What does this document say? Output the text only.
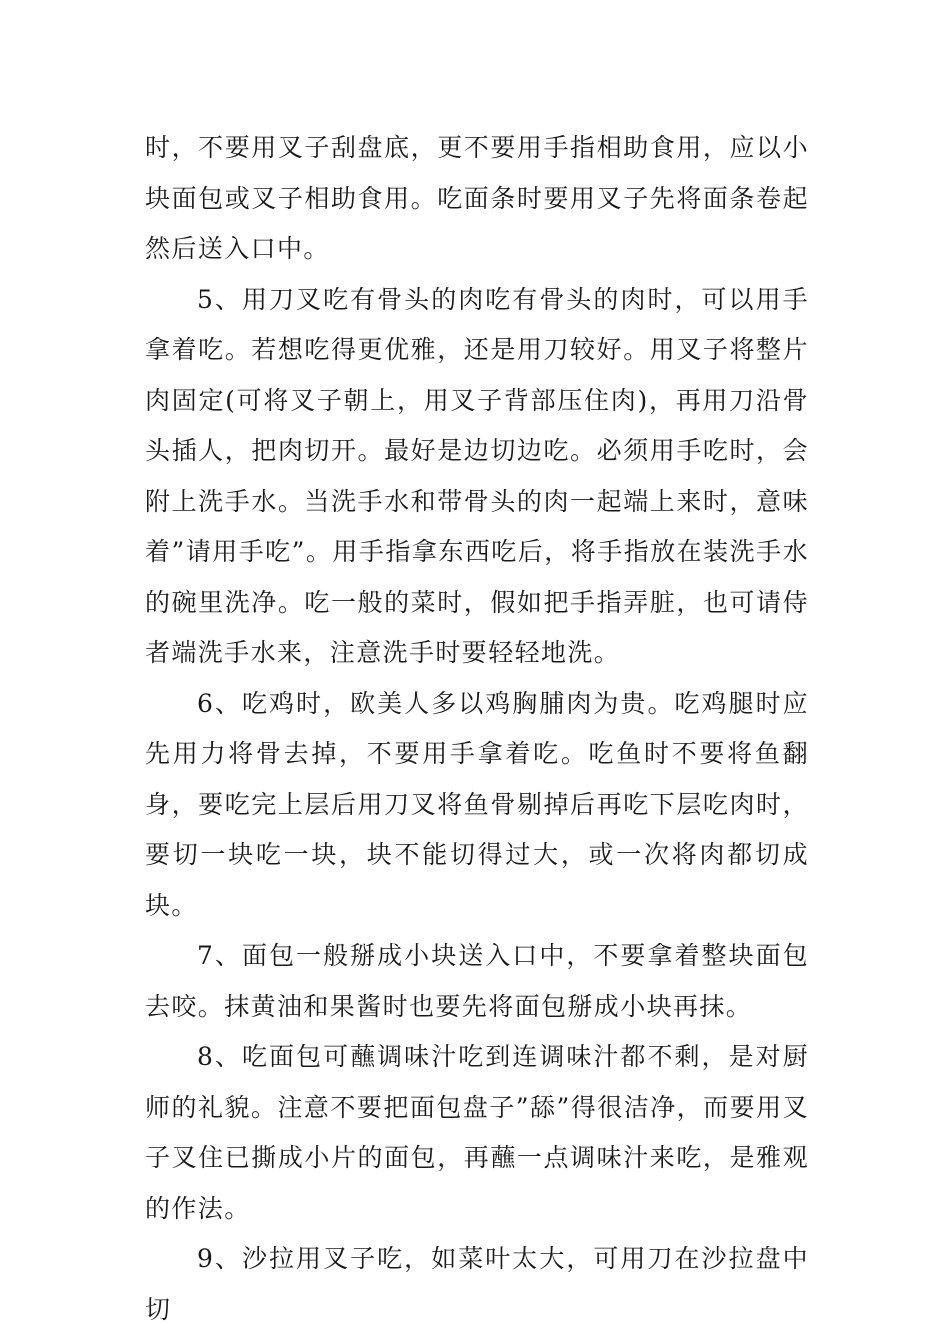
时，不要用叉子刮盘底，更不要用手指相助食用，应以小块面包或叉子相助食用。吃面条时要用叉子先将面条卷起然后送入口中。

5、用刀叉吃有骨头的肉吃有骨头的肉时，可以用手拿着吃。若想吃得更优雅，还是用刀较好。用叉子将整片肉固定(可将叉子朝上，用叉子背部压住肉)，再用刀沿骨头插人，把肉切开。最好是边切边吃。必须用手吃时，会附上洗手水。当洗手水和带骨头的肉一起端上来时，意味着”请用手吃”。用手指拿东西吃后，将手指放在装洗手水的碗里洗净。吃一般的菜时，假如把手指弄脏，也可请侍者端洗手水来，注意洗手时要轻轻地洗。

6、吃鸡时，欧美人多以鸡胸脯肉为贵。吃鸡腿时应先用力将骨去掉，不要用手拿着吃。吃鱼时不要将鱼翻身，要吃完上层后用刀叉将鱼骨剔掉后再吃下层吃肉时，要切一块吃一块，块不能切得过大，或一次将肉都切成块。

7、面包一般掰成小块送入口中，不要拿着整块面包去咬。抹黄油和果酱时也要先将面包掰成小块再抹。

8、吃面包可蘸调味汁吃到连调味汁都不剩，是对厨师的礼貌。注意不要把面包盘子”舔”得很洁净，而要用叉子叉住已撕成小片的面包，再蘸一点调味汁来吃，是雅观的作法。

9、沙拉用叉子吃，如菜叶太大，可用刀在沙拉盘中切
